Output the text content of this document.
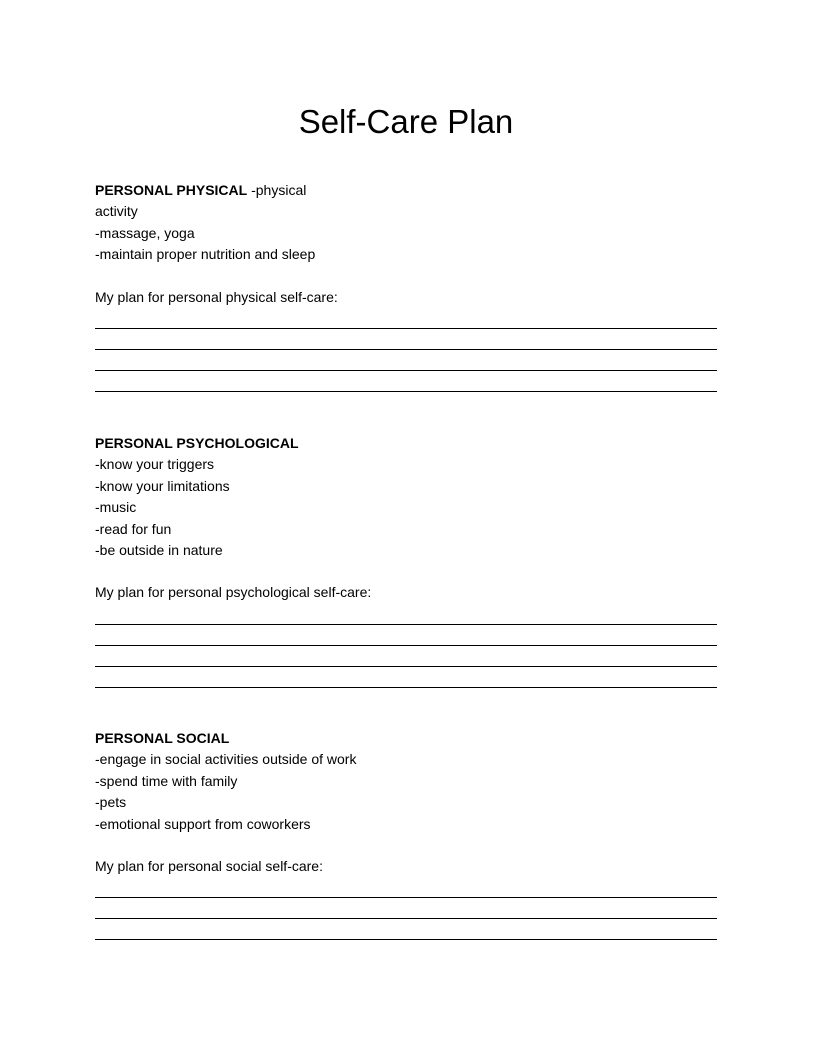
Self-Care Plan

PERSONAL PHYSICAL -physical

activity

-massage, yoga

-maintain proper nutrition and sleep

My plan for personal physical self-care:

PERSONAL PSYCHOLOGICAL

-know your triggers

-know your limitations

-music

-read for fun

-be outside in nature

My plan for personal psychological self-care:

PERSONAL SOCIAL

-engage in social activities outside of work

-spend time with family

-pets

-emotional support from coworkers

My plan for personal social self-care:
